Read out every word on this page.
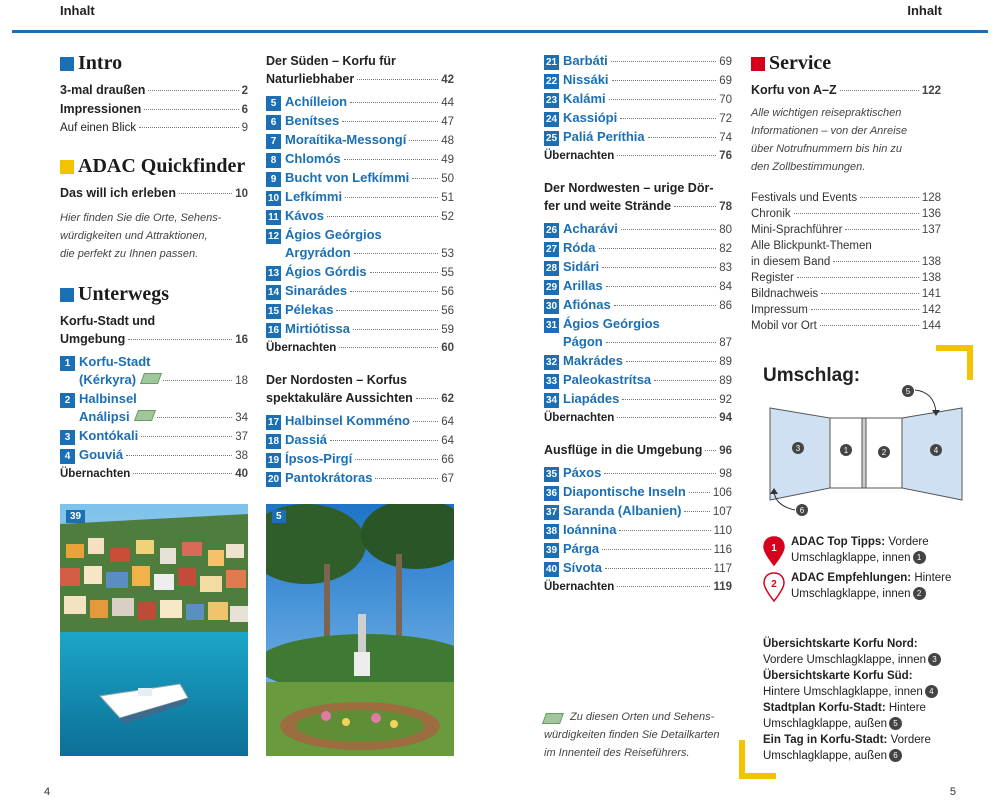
Inhalt	Inhalt
Intro
3-mal draußen	2
Impressionen	6
Auf einen Blick	9
ADAC Quickfinder
Das will ich erleben	10
Hier finden Sie die Orte, Sehens-
würdigkeiten und Attraktionen,
die perfekt zu Ihnen passen.
Unterwegs
Korfu-Stadt und
Umgebung	16
1 Korfu-Stadt
(Kérkyra)	18
2 Halbinsel
Análipsi	34
3 Kontókali	37
4 Gouviá	38
Übernachten	40
Der Süden – Korfu für
Naturliebhaber	42
5 Achílleion	44
6 Benítses	47
7 Moraítika-Messongí	48
8 Chlomós	49
9 Bucht von Lefkímmi	50
10 Lefkímmi	51
11 Kávos	52
12 Ágios Geórgios
Argyrádon	53
13 Ágios Górdis	55
14 Sinarádes	56
15 Pélekas	56
16 Mirtiótissa	59
Übernachten	60
Der Nordosten – Korfus
spektakuläre Aussichten 62
17 Halbinsel Komméno	64
18 Dassiá	64
19 Ípsos-Pirgí	66
20 Pantokrátoras	67
21 Barbáti	69
22 Nissáki	69
23 Kalámi	70
24 Kassiópi	72
25 Paliá Períthia	74
Übernachten	76
Der Nordwesten – urige Dör-
fer und weite Strände	78
26 Acharávi	80
27 Róda	82
28 Sidári	83
29 Arillas	84
30 Afiónas	86
31 Ágios Geórgios
Págon	87
32 Makrádes	89
33 Paleokastrítsa	89
34 Liapádes	92
Übernachten	94
Ausflüge in die Umgebung 96
35 Páxos	98
36 Diapontische Inseln 106
37 Saranda (Albanien)	107
38 Ioánnina	110
39 Párga	116
40 Sívota	117
Übernachten	119
Zu diesen Orten und Sehens-
würdigkeiten finden Sie Detailkarten
im Innenteil des Reiseführers.
Service
Korfu von A–Z	122
Alle wichtigen reisepraktischen
Informationen – von der Anreise
über Notrufnummern bis hin zu
den Zollbestimmungen.
Festivals und Events	128
Chronik	136
Mini-Sprachführer	137
Alle Blickpunkt-Themen
in diesem Band	138
Register	138
Bildnachweis	141
Impressum	142
Mobil vor Ort	144
Umschlag:
3	1	2	4
5
6
1
ADAC Top Tipps: Vordere
Umschlagklappe, innen 1
2
ADAC Empfehlungen: Hintere
Umschlagklappe, innen 2
Übersichtskarte Korfu Nord:
Vordere Umschlagklappe, innen 3
Übersichtskarte Korfu Süd:
Hintere Umschlagklappe, innen 4
Stadtplan Korfu-Stadt: Hintere
Umschlagklappe, außen 5
Ein Tag in Korfu-Stadt: Vordere
Umschlagklappe, außen 6
39	5
4	5
